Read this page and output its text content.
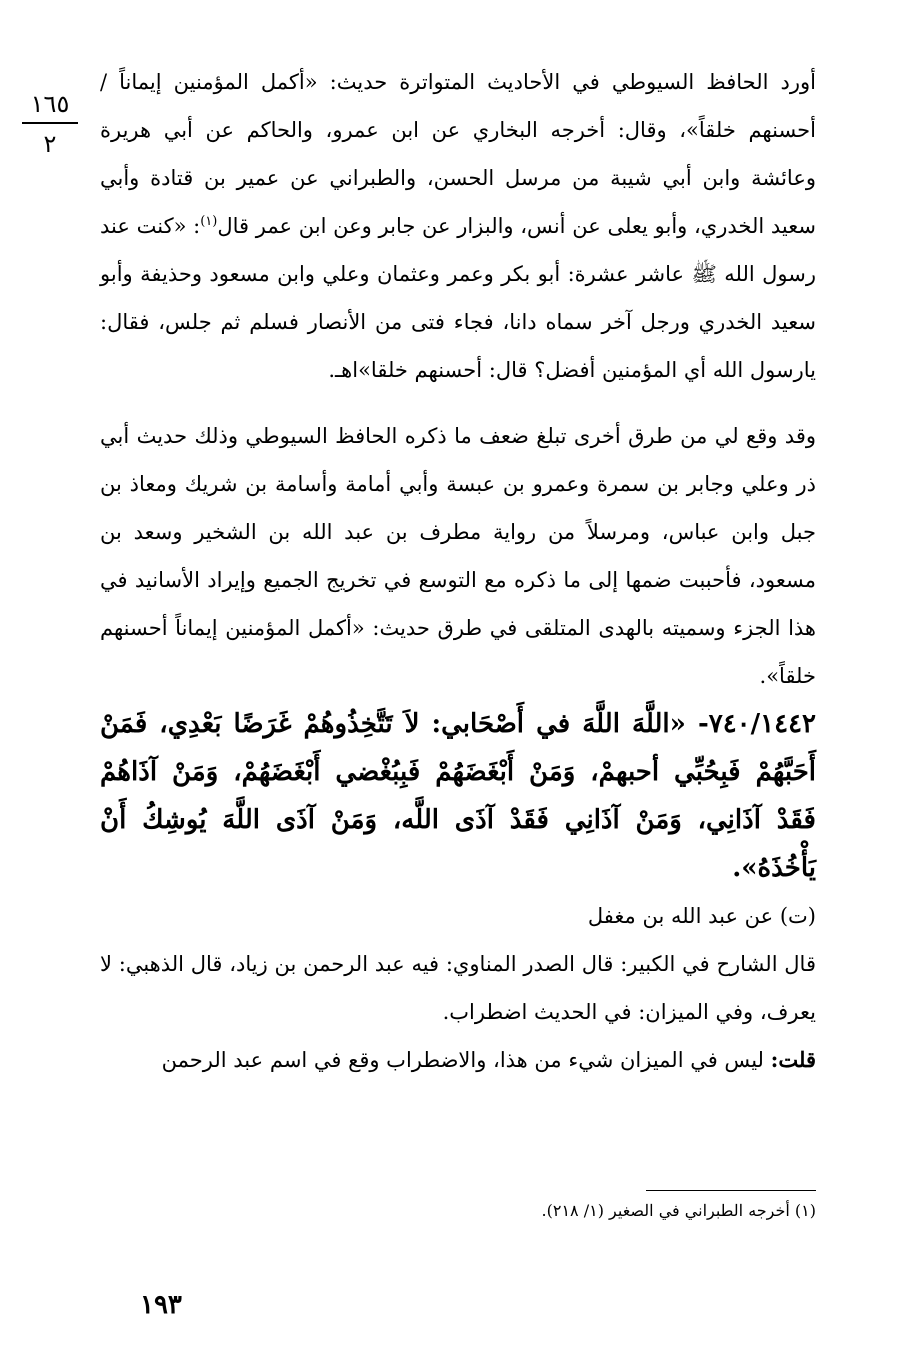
١٦٥
٢

أورد الحافظ السيوطي في الأحاديث المتواترة حديث: «أكمل المؤمنين إيماناً / أحسنهم خلقاً»، وقال: أخرجه البخاري عن ابن عمرو، والحاكم عن أبي هريرة وعائشة وابن أبي شيبة من مرسل الحسن، والطبراني عن عمير بن قتادة وأبي سعيد الخدري، وأبو يعلى عن أنس، والبزار عن جابر وعن ابن عمر قال$^{(١)}$: «كنت عند رسول الله ﷺ عاشر عشرة: أبو بكر وعمر وعثمان وعلي وابن مسعود وحذيفة وأبو سعيد الخدري ورجل آخر سماه دانا، فجاء فتى من الأنصار فسلم ثم جلس، فقال: يارسول الله أي المؤمنين أفضل؟ قال: أحسنهم خلقا»اهـ.

وقد وقع لي من طرق أخرى تبلغ ضعف ما ذكره الحافظ السيوطي وذلك حديث أبي ذر وعلي وجابر بن سمرة وعمرو بن عبسة وأبي أمامة وأسامة بن شريك ومعاذ بن جبل وابن عباس، ومرسلاً من رواية مطرف بن عبد الله بن الشخير وسعد بن مسعود، فأحببت ضمها إلى ما ذكره مع التوسع في تخريج الجميع وإيراد الأسانيد في هذا الجزء وسميته بالهدى المتلقى في طرق حديث: «أكمل المؤمنين إيماناً أحسنهم خلقاً».

٧٤٠/١٤٤٢- «اللَّهَ اللَّهَ في أَصْحَابي: لاَ تَتَّخِذُوهُمْ غَرَضًا بَعْدِي، فَمَنْ أَحَبَّهُمْ فَبِحُبِّي أحبهمْ، وَمَنْ أَبْغَضَهُمْ فَبِبُغْضي أَبْغَضَهُمْ، وَمَنْ آذَاهُمْ فَقَدْ آذَانِي، وَمَنْ آذَانِي فَقَدْ آذَى اللَّه، وَمَنْ آذَى اللَّهَ يُوشِكُ أَنْ يَأْخُذَهُ».

(ت) عن عبد الله بن مغفل

قال الشارح في الكبير: قال الصدر المناوي: فيه عبد الرحمن بن زياد، قال الذهبي: لا يعرف، وفي الميزان: في الحديث اضطراب.

قلت: ليس في الميزان شيء من هذا، والاضطراب وقع في اسم عبد الرحمن

(١) أخرجه الطبراني في الصغير (١/ ٢١٨).

١٩٣
